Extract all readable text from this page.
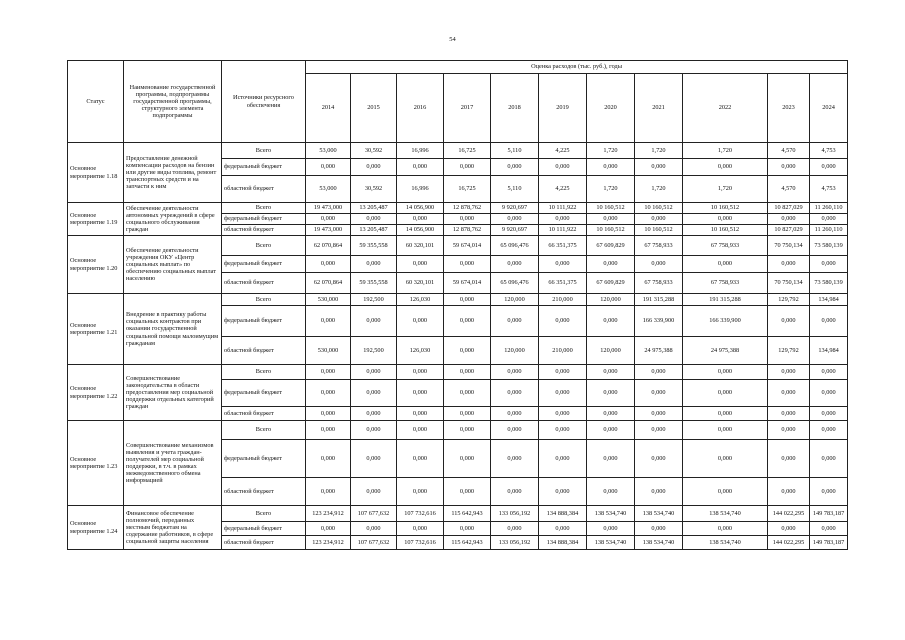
54
Статус	Наименование государственной программы, подпрограммы государственной программы, структурного элемента подпрограммы	Источники ресурсного обеспечения	Оценка расходов (тыс. руб.), годы										
			2014	2015	2016	2017	2018	2019	2020	2021	2022	2023	2024
Основное мероприятие 1.18	Предоставление денежной компенсации расходов на бензин или другие виды топлива, ремонт транспортных средств и на запчасти к ним	Всего	53,000	30,592	16,996	16,725	5,110	4,225	1,720	1,720	1,720	4,570	4,753
		федеральный бюджет	0,000	0,000	0,000	0,000	0,000	0,000	0,000	0,000	0,000	0,000	0,000
		областной бюджет	53,000	30,592	16,996	16,725	5,110	4,225	1,720	1,720	1,720	4,570	4,753
Основное мероприятие 1.19	Обеспечение деятельности автономных учреждений в сфере социального обслуживания граждан	Всего	19 473,000	13 205,487	14 056,900	12 878,762	9 920,697	10 111,922	10 160,512	10 160,512	10 160,512	10 827,029	11 260,110
		федеральный бюджет	0,000	0,000	0,000	0,000	0,000	0,000	0,000	0,000	0,000	0,000	0,000
		областной бюджет	19 473,000	13 205,487	14 056,900	12 878,762	9 920,697	10 111,922	10 160,512	10 160,512	10 160,512	10 827,029	11 260,110
Основное мероприятие 1.20	Обеспечение деятельности учреждения ОКУ «Центр социальных выплат» по обеспечению социальных выплат населению	Всего	62 070,864	59 355,558	60 320,101	59 674,014	65 096,476	66 351,375	67 609,829	67 758,933	67 758,933	70 750,134	73 580,139
		федеральный бюджет	0,000	0,000	0,000	0,000	0,000	0,000	0,000	0,000	0,000	0,000	0,000
		областной бюджет	62 070,864	59 355,558	60 320,101	59 674,014	65 096,476	66 351,375	67 609,829	67 758,933	67 758,933	70 750,134	73 580,139
Основное мероприятие 1.21	Внедрение в практику работы социальных контрактов при оказании государственной социальной помощи малоимущим гражданам	Всего	530,000	192,500	126,030	0,000	120,000	210,000	120,000	191 315,288	191 315,288	129,792	134,984
		федеральный бюджет	0,000	0,000	0,000	0,000	0,000	0,000	0,000	166 339,900	166 339,900	0,000	0,000
		областной бюджет	530,000	192,500	126,030	0,000	120,000	210,000	120,000	24 975,388	24 975,388	129,792	134,984
Основное мероприятие 1.22	Совершенствование законодательства в области предоставления мер социальной поддержки отдельных категорий граждан	Всего	0,000	0,000	0,000	0,000	0,000	0,000	0,000	0,000	0,000	0,000	0,000
		федеральный бюджет	0,000	0,000	0,000	0,000	0,000	0,000	0,000	0,000	0,000	0,000	0,000
		областной бюджет	0,000	0,000	0,000	0,000	0,000	0,000	0,000	0,000	0,000	0,000	0,000
Основное мероприятие 1.23	Совершенствование механизмов выявления и учета граждан-получателей мер социальной поддержки, в т.ч. в рамках межведомственного обмена информацией	Всего	0,000	0,000	0,000	0,000	0,000	0,000	0,000	0,000	0,000	0,000	0,000
		федеральный бюджет	0,000	0,000	0,000	0,000	0,000	0,000	0,000	0,000	0,000	0,000	0,000
		областной бюджет	0,000	0,000	0,000	0,000	0,000	0,000	0,000	0,000	0,000	0,000	0,000
Основное мероприятие 1.24	Финансовое обеспечение полномочий, переданных местным бюджетам на содержание работников, в сфере социальной защиты населения	Всего	123 234,912	107 677,632	107 732,616	115 642,943	133 056,192	134 888,384	138 534,740	138 534,740	138 534,740	144 022,295	149 783,187
		федеральный бюджет	0,000	0,000	0,000	0,000	0,000	0,000	0,000	0,000	0,000	0,000	0,000
		областной бюджет	123 234,912	107 677,632	107 732,616	115 642,943	133 056,192	134 888,384	138 534,740	138 534,740	138 534,740	144 022,295	149 783,187
